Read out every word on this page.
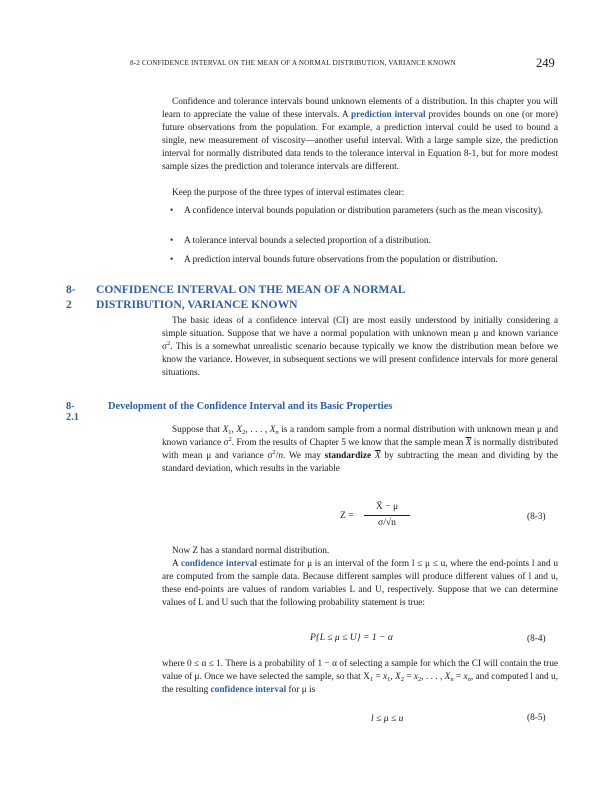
8-2 CONFIDENCE INTERVAL ON THE MEAN OF A NORMAL DISTRIBUTION, VARIANCE KNOWN	249

Confidence and tolerance intervals bound unknown elements of a distribution. In this chapter you will learn to appreciate the value of these intervals. A prediction interval provides bounds on one (or more) future observations from the population. For example, a prediction interval could be used to bound a single, new measurement of viscosity—another useful interval. With a large sample size, the prediction interval for normally distributed data tends to the tolerance interval in Equation 8-1, but for more modest sample sizes the prediction and tolerance intervals are different.

Keep the purpose of the three types of interval estimates clear:

• A confidence interval bounds population or distribution parameters (such as the mean viscosity).
• A tolerance interval bounds a selected proportion of a distribution.
• A prediction interval bounds future observations from the population or distribution.
8-2
CONFIDENCE INTERVAL ON THE MEAN OF A NORMAL
DISTRIBUTION, VARIANCE KNOWN

The basic ideas of a confidence interval (CI) are most easily understood by initially considering a simple situation. Suppose that we have a normal population with unknown mean μ and known variance $\sigma^2$. This is a somewhat unrealistic scenario because typically we know the distribution mean before we know the variance. However, in subsequent sections we will present confidence intervals for more general situations.

8-2.1
Development of the Confidence Interval and its Basic Properties

Suppose that $X_1$, $X_2$, . . . , $X_n$ is a random sample from a normal distribution with unknown mean μ and known variance $\sigma^2$. From the results of Chapter 5 we know that the sample mean $\overline{X}$ is normally distributed with mean μ and variance $\sigma^2/n$. We may standardize $\overline{X}$ by subtracting the mean and dividing by the standard deviation, which results in the variable

Z =
X̄ − μ
σ/√n	(8-3)

Now Z has a standard normal distribution.

A confidence interval estimate for μ is an interval of the form l ≤ μ ≤ u, where the end-points l and u are computed from the sample data. Because different samples will produce different values of l and u, these end-points are values of random variables L and U, respectively. Suppose that we can determine values of L and U such that the following probability statement is true:

P{L ≤ μ ≤ U} = 1 − α	(8-4)

where 0 ≤ α ≤ 1. There is a probability of 1 − α of selecting a sample for which the CI will contain the true value of μ. Once we have selected the sample, so that $X_1 = x_1$, $X_2 = x_2$, . . . , $X_n = x_n$, and computed l and u, the resulting confidence interval for μ is

l ≤ μ ≤ u	(8-5)
